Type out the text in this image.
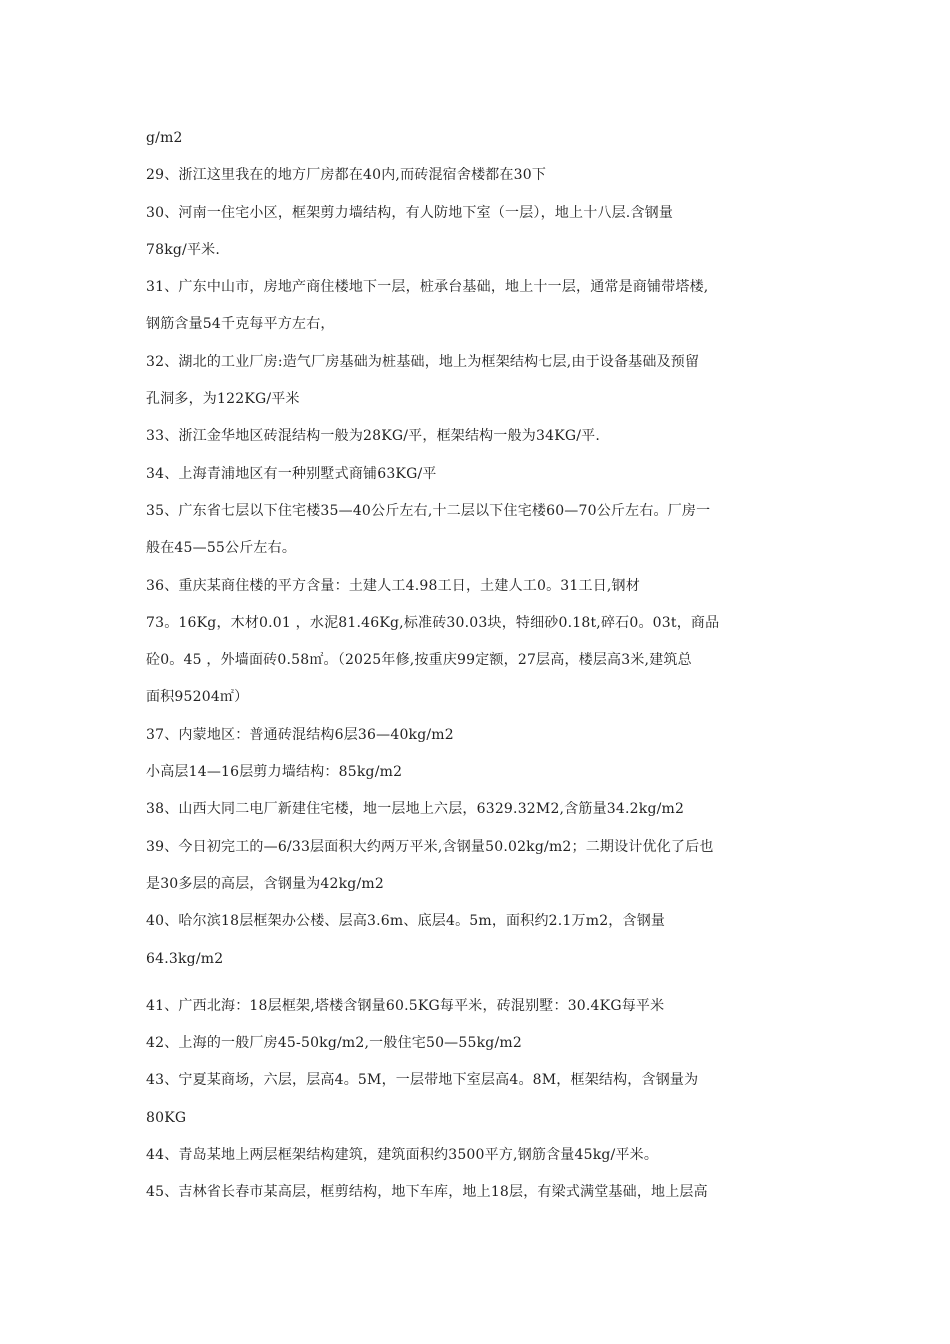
g/m2
29、浙江这里我在的地方厂房都在40内,而砖混宿舍楼都在30下
30、河南一住宅小区，框架剪力墙结构，有人防地下室（一层），地上十八层.含钢量
78kg/平米.
31、广东中山市，房地产商住楼地下一层，桩承台基础，地上十一层，通常是商铺带塔楼,
钢筋含量54千克每平方左右，
32、湖北的工业厂房:造气厂房基础为桩基础，地上为框架结构七层,由于设备基础及预留
孔洞多，为122KG/平米
33、浙江金华地区砖混结构一般为28KG/平，框架结构一般为34KG/平.
34、上海青浦地区有一种别墅式商铺63KG/平
35、广东省七层以下住宅楼35—40公斤左右,十二层以下住宅楼60—70公斤左右。厂房一
般在45—55公斤左右。
36、重庆某商住楼的平方含量：土建人工4.98工日，土建人工0。31工日,钢材
73。16Kg，木材0.01 ，水泥81.46Kg,标准砖30.03块，特细砂0.18t,碎石0。03t，商品
砼0。45 ，外墙面砖0.58㎡。（2025年修,按重庆99定额，27层高，楼层高3米,建筑总
面积95204㎡）
37、内蒙地区：普通砖混结构6层36—40kg/m2
小高层14—16层剪力墙结构：85kg/m2
38、山西大同二电厂新建住宅楼，地一层地上六层，6329.32M2,含筋量34.2kg/m2
39、今日初完工的—6/33层面积大约两万平米,含钢量50.02kg/m2；二期设计优化了后也
是30多层的高层，含钢量为42kg/m2
40、哈尔滨18层框架办公楼、层高3.6m、底层4。5m，面积约2.1万m2，含钢量
64.3kg/m2
41、广西北海：18层框架,塔楼含钢量60.5KG每平米，砖混别墅：30.4KG每平米
42、上海的一般厂房45-50kg/m2,一般住宅50—55kg/m2
43、宁夏某商场，六层，层高4。5M，一层带地下室层高4。8M，框架结构，含钢量为
80KG
44、青岛某地上两层框架结构建筑，建筑面积约3500平方,钢筋含量45kg/平米。
45、吉林省长春市某高层，框剪结构，地下车库，地上18层，有梁式满堂基础，地上层高
